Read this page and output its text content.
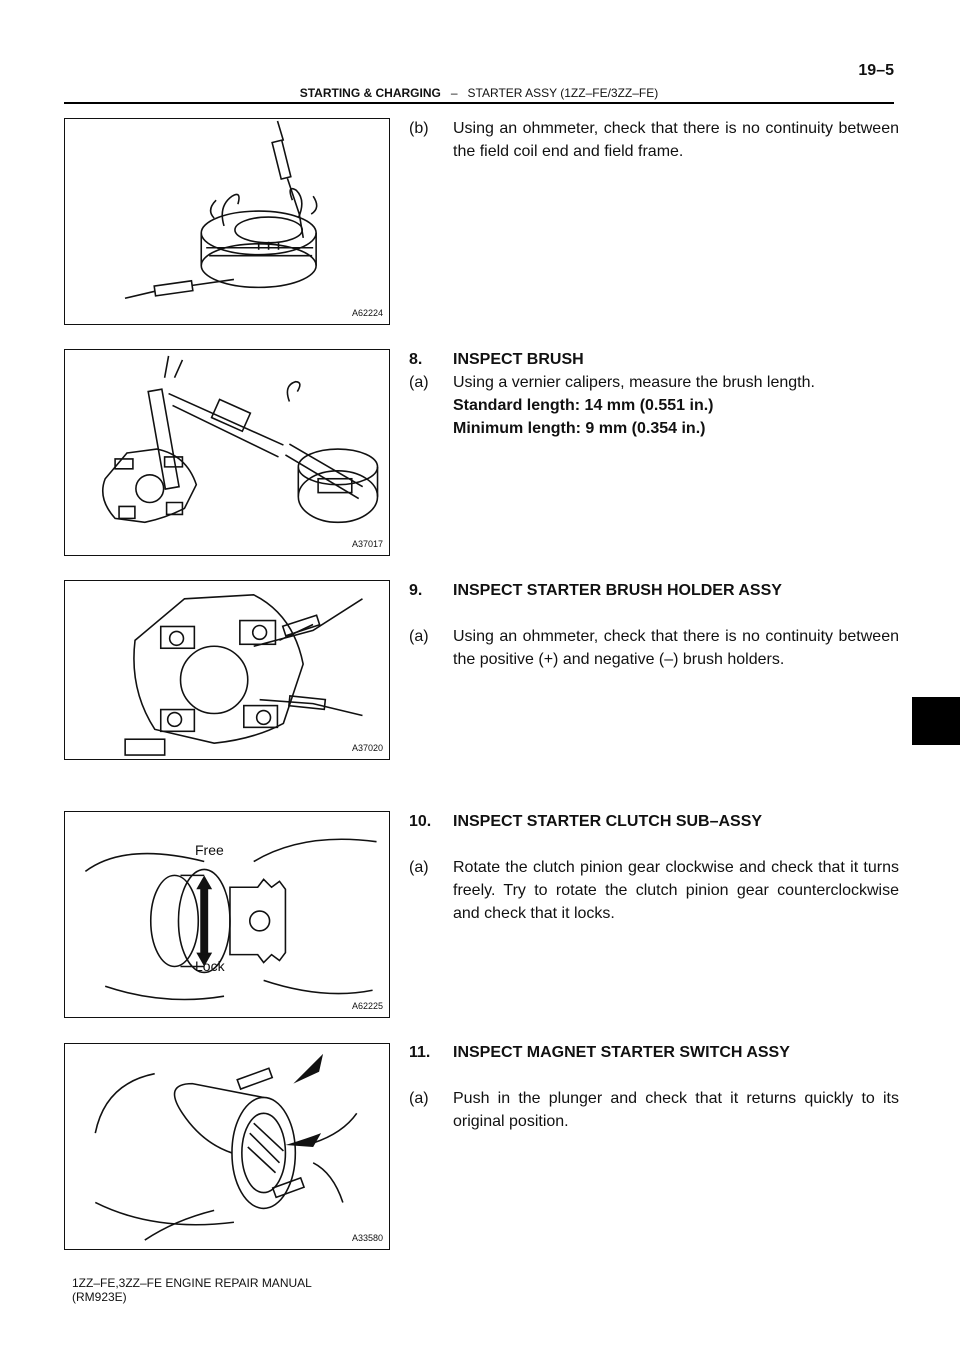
19–5
STARTING & CHARGING – STARTER ASSY (1ZZ–FE/3ZZ–FE)
A62224
A37017
A37020
Free
Lock
A62225
A33580
(b)	Using an ohmmeter, check that there is no continuity between the field coil end and field frame.
8.	INSPECT BRUSH
(a)	Using a vernier calipers, measure the brush length.
Standard length: 14 mm (0.551 in.)
Minimum length: 9 mm (0.354 in.)
9.	INSPECT STARTER BRUSH HOLDER ASSY
(a)	Using an ohmmeter, check that there is no continuity between the positive (+) and negative (–) brush holders.
10.	INSPECT STARTER CLUTCH SUB–ASSY
(a)	Rotate the clutch pinion gear clockwise and check that it turns freely. Try to rotate the clutch pinion gear counterclockwise and check that it locks.
11.	INSPECT MAGNET STARTER SWITCH ASSY
(a)	Push in the plunger and check that it returns quickly to its original position.
1ZZ–FE,3ZZ–FE ENGINE REPAIR MANUAL
(RM923E)
